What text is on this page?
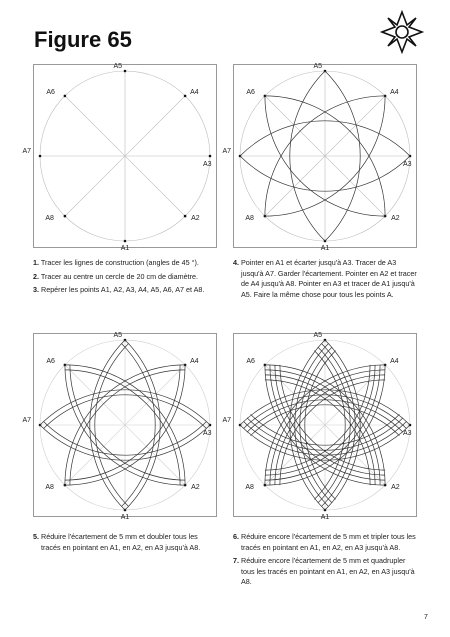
Figure 65
A1
A2
A3
A4
A5
A6
A7
A8
A1
A2
A3
A4
A5
A6
A7
A8
A1
A2
A3
A4
A5
A6
A7
A8
A1
A2
A3
A4
A5
A6
A7
A8

1. Tracer les lignes de construction (angles de 45 °).

2. Tracer au centre un cercle de 20 cm de diamètre.

3. Repérer les points A1, A2, A3, A4, A5, A6, A7 et A8.

4. Pointer en A1 et écarter jusqu'à A3. Tracer de A3 jusqu'à A7. Garder l'écartement. Pointer en A2 et tracer de A4 jusqu'à A8. Pointer en A3 et tracer de A1 jusqu'à A5. Faire la même chose pour tous les points A.

5. Réduire l'écartement de 5 mm et doubler tous les tracés en pointant en A1, en A2, en A3 jusqu'à A8.

6. Réduire encore l'écartement de 5 mm et tripler tous les tracés en pointant en A1, en A2, en A3 jusqu'à A8.

7. Réduire encore l'écartement de 5 mm et quadrupler tous les tracés en pointant en A1, en A2, en A3 jusqu'à A8.

7
